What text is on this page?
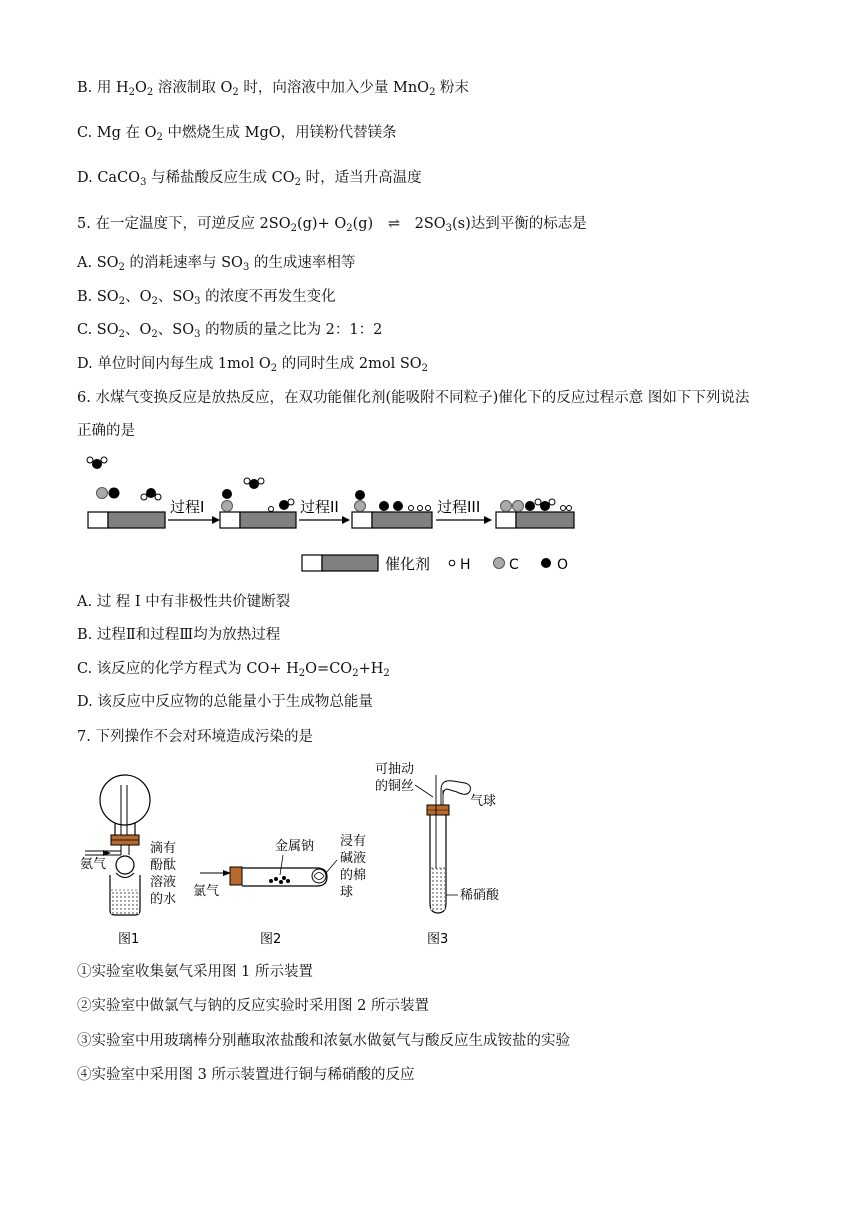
B. 用 $H_2O_2$ 溶液制取 $O_2$ 时，向溶液中加入少量 MnO$_2$ 粉末
C. Mg 在 $O_2$ 中燃烧生成 MgO，用镁粉代替镁条
D. CaCO$_3$ 与稀盐酸反应生成 $CO_2$ 时，适当升高温度
5. 在一定温度下，可逆反应 $2SO_2(g)+ O_2(g)$ ⇌ $2SO_3(s)$达到平衡的标志是
A. $SO_2$ 的消耗速率与 $SO_3$ 的生成速率相等
B. $SO_2$、$O_2$、$SO_3$ 的浓度不再发生变化
C. $SO_2$、$O_2$、$SO_3$ 的物质的量之比为 2：1：2
D. 单位时间内每生成 1mol $O_2$ 的同时生成 2mol $SO_2$
6. 水煤气变换反应是放热反应，在双功能催化剂(能吸附不同粒子)催化下的反应过程示意 图如下下列说法
正确的是
过程I	过程II	过程III
催化剂 H	C	O
A. 过 程 I 中有非极性共价键断裂
B. 过程Ⅱ和过程Ⅲ均为放热过程
C. 该反应的化学方程式为 $CO+ H_2O=CO_2+H_2$
D. 该反应中反应物的总能量小于生成物总能量
7. 下列操作不会对环境造成污染的是
氨气
滴有
酚酞
溶液
的水
图1
氯气
金属钠 浸有
碱液
的棉
球
图2
可抽动
的铜丝
气球
稀硝酸
图3
①实验室收集氨气采用图 1 所示装置
②实验室中做氯气与钠的反应实验时采用图 2 所示装置
③实验室中用玻璃棒分别蘸取浓盐酸和浓氨水做氨气与酸反应生成铵盐的实验
④实验室中采用图 3 所示装置进行铜与稀硝酸的反应
